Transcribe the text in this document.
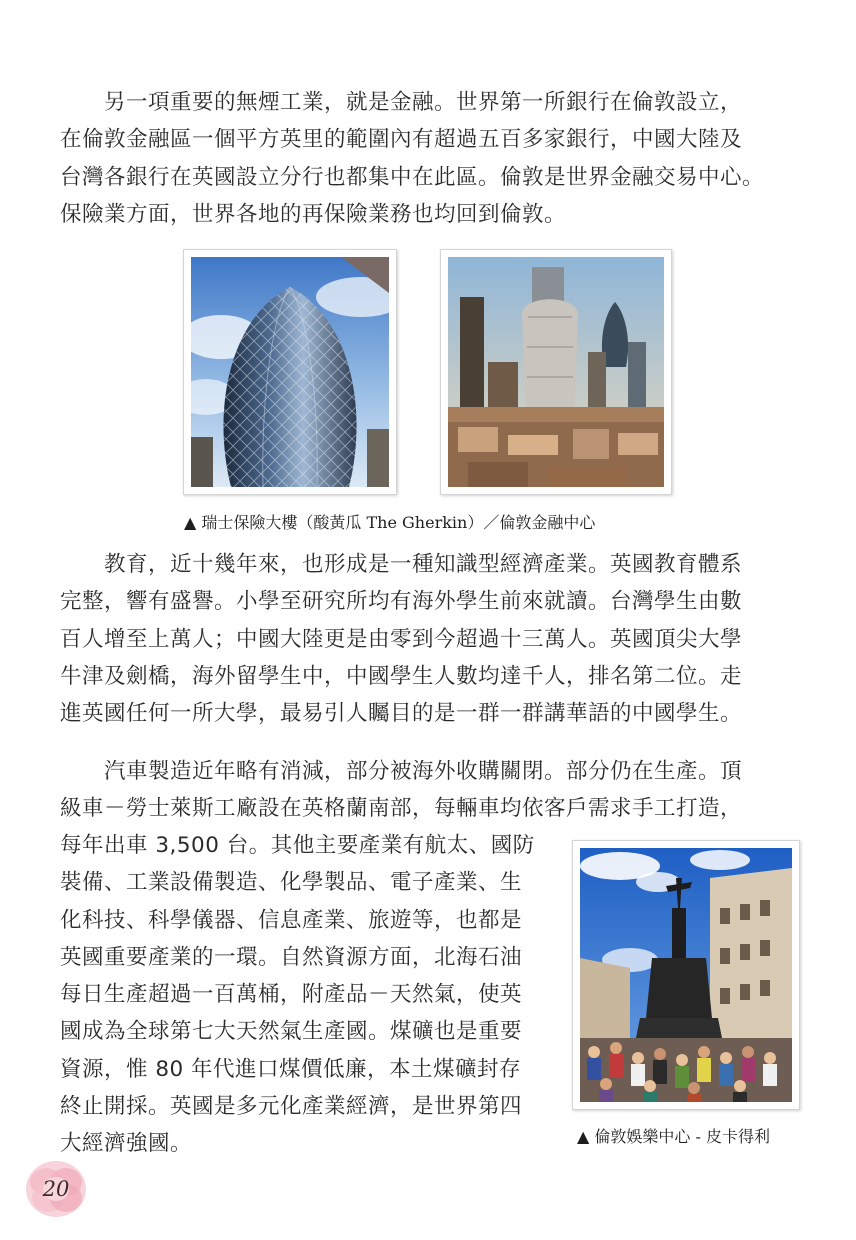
另一項重要的無煙工業，就是金融。世界第一所銀行在倫敦設立，
在倫敦金融區一個平方英里的範圍內有超過五百多家銀行，中國大陸及
台灣各銀行在英國設立分行也都集中在此區。倫敦是世界金融交易中心。
保險業方面，世界各地的再保險業務也均回到倫敦。
▲ 瑞士保險大樓（酸黃瓜 The Gherkin）／倫敦金融中心
教育，近十幾年來，也形成是一種知識型經濟產業。英國教育體系
完整，響有盛譽。小學至研究所均有海外學生前來就讀。台灣學生由數
百人增至上萬人；中國大陸更是由零到今超過十三萬人。英國頂尖大學
牛津及劍橋，海外留學生中，中國學生人數均達千人，排名第二位。走
進英國任何一所大學，最易引人矚目的是一群一群講華語的中國學生。
汽車製造近年略有消減，部分被海外收購關閉。部分仍在生產。頂
級車－勞士萊斯工廠設在英格蘭南部，每輛車均依客戶需求手工打造，
每年出車 3,500 台。其他主要產業有航太、國防
裝備、工業設備製造、化學製品、電子產業、生
化科技、科學儀器、信息產業、旅遊等，也都是
英國重要產業的一環。自然資源方面，北海石油
每日生產超過一百萬桶，附產品－天然氣，使英
國成為全球第七大天然氣生產國。煤礦也是重要
資源，惟 80 年代進口煤價低廉，本土煤礦封存
終止開採。英國是多元化產業經濟，是世界第四
大經濟強國。	▲ 倫敦娛樂中心 - 皮卡得利
20
